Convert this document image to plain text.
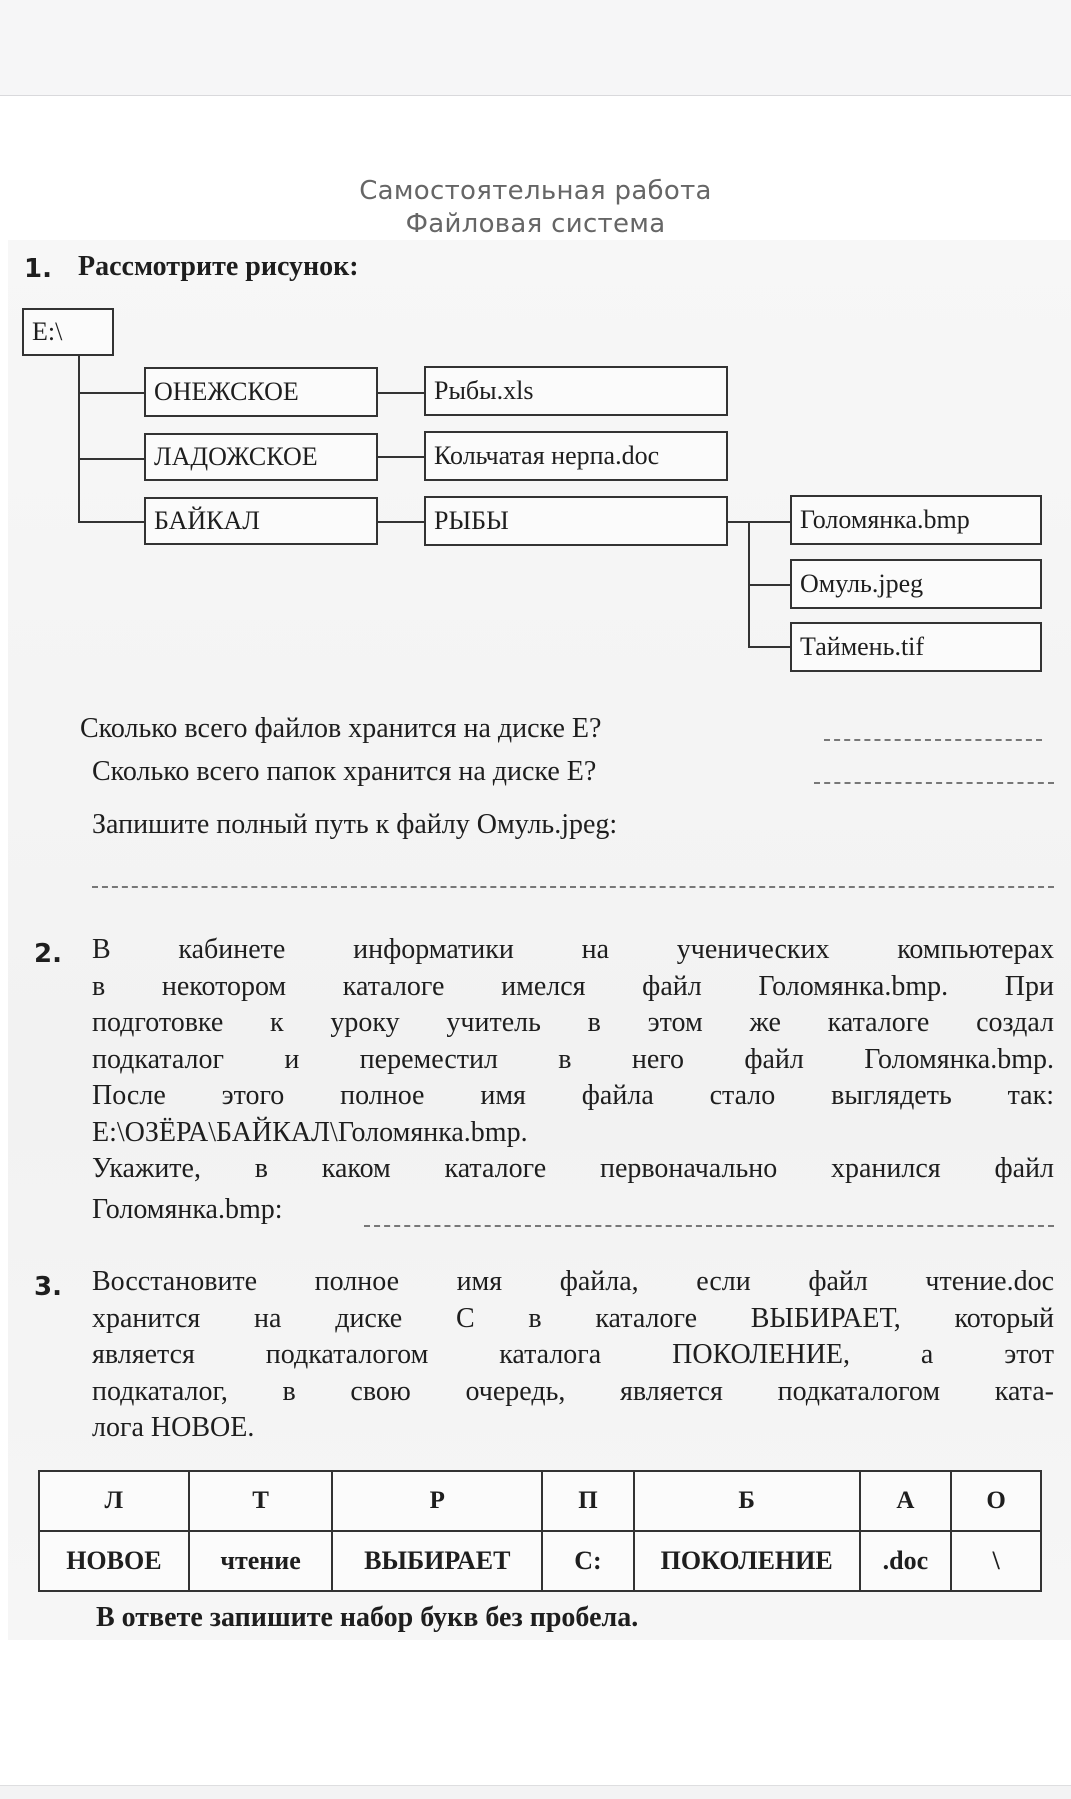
Самостоятельная работа
Файловая система
1. Рассмотрите рисунок:
E:\
ОНЕЖСКОЕ
ЛАДОЖСКОЕ
БАЙКАЛ
Рыбы.xls
Кольчатая нерпа.doc
РЫБЫ	Голомянка.bmp
Омуль.jpeg
Таймень.tif
Сколько всего файлов хранится на диске E?
Сколько всего папок хранится на диске E?
Запишите полный путь к файлу Омуль.jpeg:
2. В кабинете информатики на ученических компьютерах
в некотором каталоге имелся файл Голомянка.bmp. При
подготовке к уроку учитель в этом же каталоге создал
подкаталог и переместил в него файл Голомянка.bmp.
После этого полное имя файла стало выглядеть так:
E:\ОЗЁРА\БАЙКАЛ\Голомянка.bmp.
Укажите, в каком каталоге первоначально хранился файл
Голомянка.bmp:
3. Восстановите полное имя файла, если файл чтение.doc
хранится на диске C в каталоге ВЫБИРАЕТ, который
является подкаталогом каталога ПОКОЛЕНИЕ, а этот
подкаталог, в свою очередь, является подкаталогом ката-
лога НОВОЕ.
Л	Т	Р	П	Б	А	О
НОВОЕ	чтение	ВЫБИРАЕТ	C:	ПОКОЛЕНИЕ	.doc	\
В ответе запишите набор букв без пробела.
